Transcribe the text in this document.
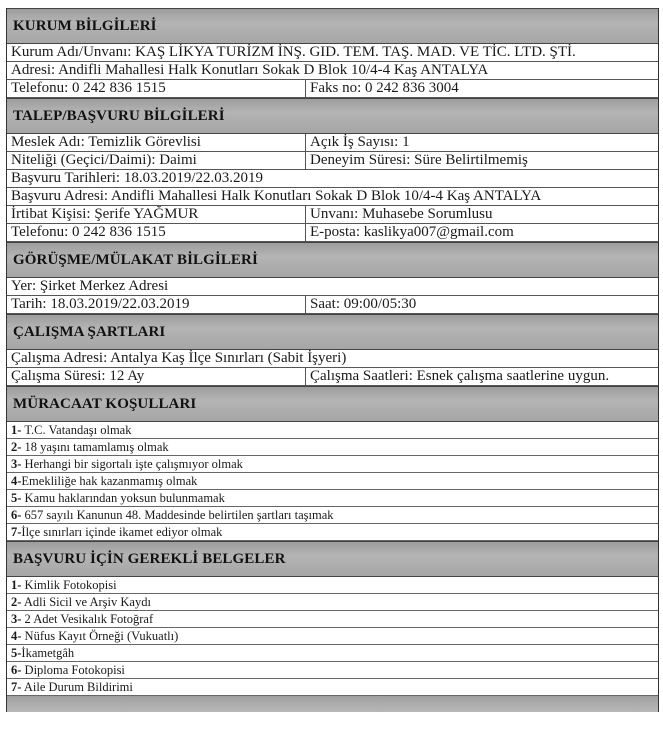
KURUM BİLGİLERİ
Kurum Adı/Unvanı: KAŞ LİKYA TURİZM İNŞ. GID. TEM. TAŞ. MAD. VE TİC. LTD. ŞTİ.
Adresi: Andifli Mahallesi Halk Konutları Sokak D Blok 10/4-4 Kaş ANTALYA
Telefonu: 0 242 836 1515	Faks no: 0 242 836 3004
TALEP/BAŞVURU BİLGİLERİ
Meslek Adı: Temizlik Görevlisi	Açık İş Sayısı: 1
Niteliği (Geçici/Daimi): Daimi	Deneyim Süresi: Süre Belirtilmemiş
Başvuru Tarihleri: 18.03.2019/22.03.2019
Başvuru Adresi: Andifli Mahallesi Halk Konutları Sokak D Blok 10/4-4 Kaş ANTALYA
İrtibat Kişisi: Şerife YAĞMUR	Unvanı: Muhasebe Sorumlusu
Telefonu: 0 242 836 1515	E-posta: kaslikya007@gmail.com
GÖRÜŞME/MÜLAKAT BİLGİLERİ
Yer: Şirket Merkez Adresi
Tarih: 18.03.2019/22.03.2019	Saat: 09:00/05:30
ÇALIŞMA ŞARTLARI
Çalışma Adresi: Antalya Kaş İlçe Sınırları (Sabit İşyeri)
Çalışma Süresi: 12 Ay	Çalışma Saatleri: Esnek çalışma saatlerine uygun.
MÜRACAAT KOŞULLARI
1- T.C. Vatandaşı olmak
2- 18 yaşını tamamlamış olmak
3- Herhangi bir sigortalı işte çalışmıyor olmak
4-Emekliliğe hak kazanmamış olmak
5- Kamu haklarından yoksun bulunmamak
6- 657 sayılı Kanunun 48. Maddesinde belirtilen şartları taşımak
7-İlçe sınırları içinde ikamet ediyor olmak
BAŞVURU İÇİN GEREKLİ BELGELER
1- Kimlik Fotokopisi
2- Adli Sicil ve Arşiv Kaydı
3- 2 Adet Vesikalık Fotoğraf
4- Nüfus Kayıt Örneği (Vukuatlı)
5-İkametgâh
6- Diploma Fotokopisi
7- Aile Durum Bildirimi
